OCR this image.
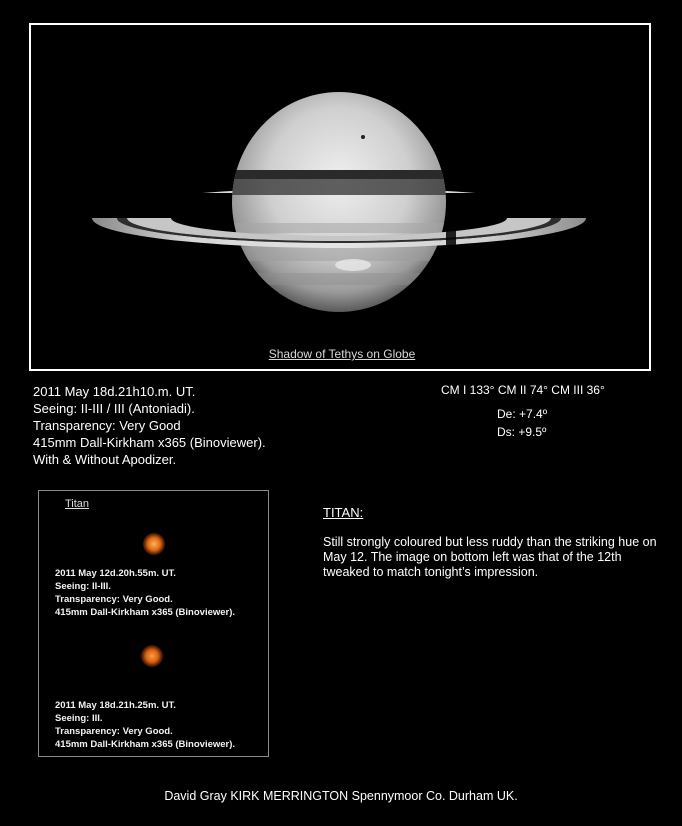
Shadow of Tethys on Globe
2011 May 18d.21h10.m. UT.
Seeing: II-III / III (Antoniadi).
Transparency: Very Good
415mm Dall-Kirkham x365 (Binoviewer).
With & Without Apodizer.
CM I 133° CM II 74° CM III 36°
De: +7.4º
Ds: +9.5º
Titan
2011 May 12d.20h.55m. UT.
Seeing: II-III.
Transparency: Very Good.
415mm Dall-Kirkham x365 (Binoviewer).
2011 May 18d.21h.25m. UT.
Seeing: III.
Transparency: Very Good.
415mm Dall-Kirkham x365 (Binoviewer).
TITAN:
Still strongly coloured but less ruddy than the striking hue on May 12. The image on bottom left was that of the 12th tweaked to match tonight’s impression.
David Gray KIRK MERRINGTON Spennymoor Co. Durham UK.
